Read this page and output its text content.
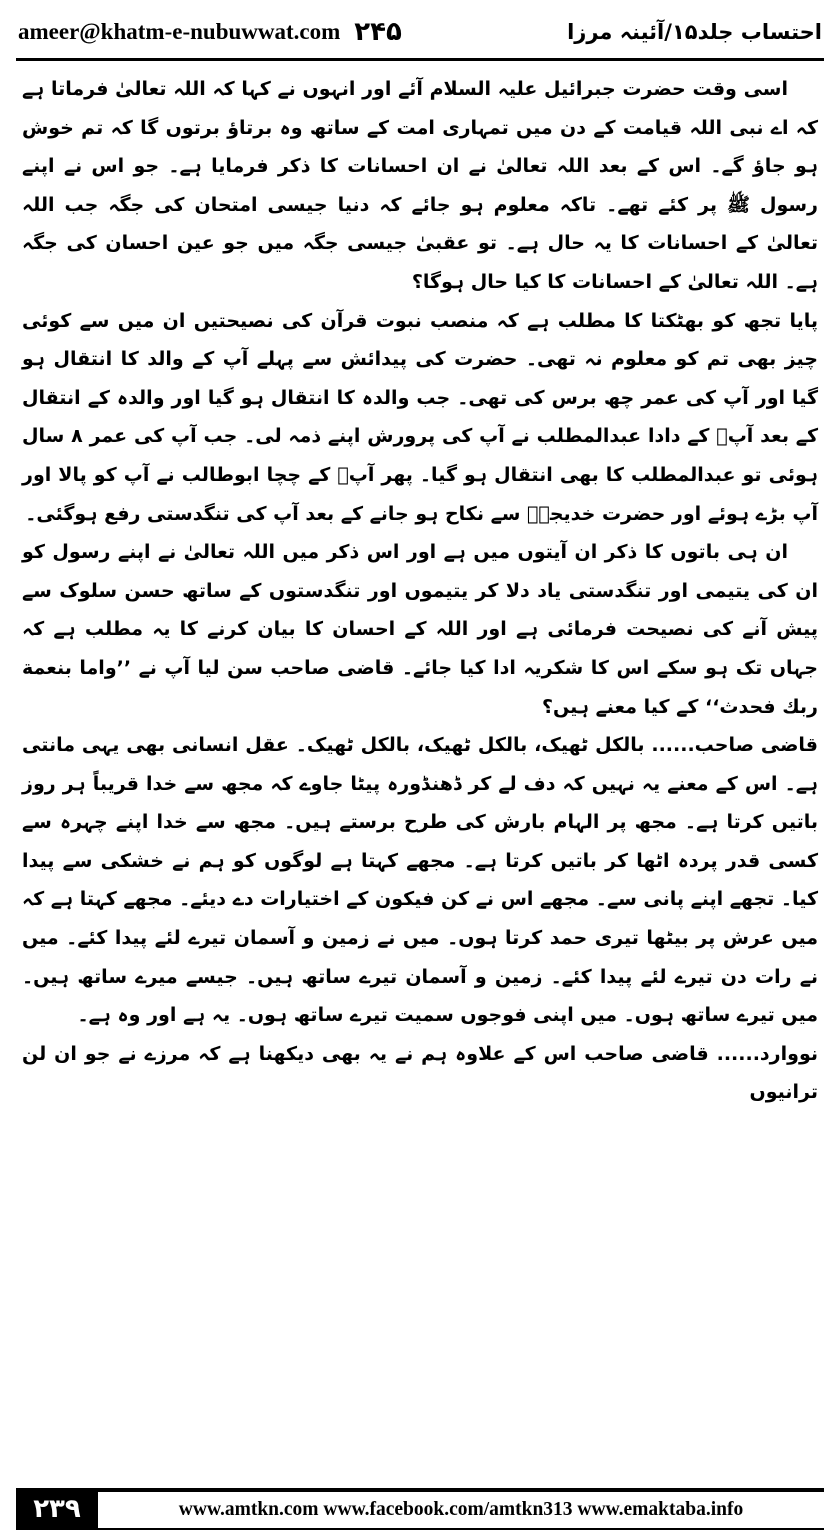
ameer@khatm-e-nubuwwat.com ۲۴۵	احتساب جلد۱۵/آئینہ مرزا

اسی وقت حضرت جبرائیل علیہ السلام آئے اور انہوں نے کہا کہ اللہ تعالیٰ فرماتا ہے کہ اے نبی اللہ قیامت کے دن میں تمہاری امت کے ساتھ وہ برتاؤ برتوں گا کہ تم خوش ہو جاؤ گے۔ اس کے بعد اللہ تعالیٰ نے ان احسانات کا ذکر فرمایا ہے۔ جو اس نے اپنے رسول ﷺ پر کئے تھے۔ تاکہ معلوم ہو جائے کہ دنیا جیسی امتحان کی جگہ جب اللہ تعالیٰ کے احسانات کا یہ حال ہے۔ تو عقبیٰ جیسی جگہ میں جو عین احسان کی جگہ ہے۔ اللہ تعالیٰ کے احسانات کا کیا حال ہوگا؟

پایا تجھ کو بھٹکتا کا مطلب ہے کہ منصب نبوت قرآن کی نصیحتیں ان میں سے کوئی چیز بھی تم کو معلوم نہ تھی۔ حضرت کی پیدائش سے پہلے آپ کے والد کا انتقال ہو گیا اور آپ کی عمر چھ برس کی تھی۔ جب والدہ کا انتقال ہو گیا اور والدہ کے انتقال کے بعد آپؐ کے دادا عبدالمطلب نے آپ کی پرورش اپنے ذمہ لی۔ جب آپ کی عمر ۸ سال ہوئی تو عبدالمطلب کا بھی انتقال ہو گیا۔ پھر آپؐ کے چچا ابوطالب نے آپ کو پالا اور آپ بڑے ہوئے اور حضرت خدیجہؓ سے نکاح ہو جانے کے بعد آپ کی تنگدستی رفع ہوگئی۔

ان ہی باتوں کا ذکر ان آیتوں میں ہے اور اس ذکر میں اللہ تعالیٰ نے اپنے رسول کو ان کی یتیمی اور تنگدستی یاد دلا کر یتیموں اور تنگدستوں کے ساتھ حسن سلوک سے پیش آنے کی نصیحت فرمائی ہے اور اللہ کے احسان کا بیان کرنے کا یہ مطلب ہے کہ جہاں تک ہو سکے اس کا شکریہ ادا کیا جائے۔ قاضی صاحب سن لیا آپ نے ’’واما بنعمة ربك فحدث‘‘ کے کیا معنے ہیں؟

قاضی صاحب...... بالکل ٹھیک، بالکل ٹھیک، بالکل ٹھیک۔ عقل انسانی بھی یہی مانتی ہے۔ اس کے معنے یہ نہیں کہ دف لے کر ڈھنڈورہ پیٹا جاوے کہ مجھ سے خدا قریباً ہر روز باتیں کرتا ہے۔ مجھ پر الہام بارش کی طرح برستے ہیں۔ مجھ سے خدا اپنے چہرہ سے کسی قدر پردہ اٹھا کر باتیں کرتا ہے۔ مجھے کہتا ہے لوگوں کو ہم نے خشکی سے پیدا کیا۔ تجھے اپنے پانی سے۔ مجھے اس نے کن فیکون کے اختیارات دے دیئے۔ مجھے کہتا ہے کہ میں عرش پر بیٹھا تیری حمد کرتا ہوں۔ میں نے زمین و آسمان تیرے لئے پیدا کئے۔ میں نے رات دن تیرے لئے پیدا کئے۔ زمین و آسمان تیرے ساتھ ہیں۔ جیسے میرے ساتھ ہیں۔ میں تیرے ساتھ ہوں۔ میں اپنی فوجوں سمیت تیرے ساتھ ہوں۔ یہ ہے اور وہ ہے۔

نووارد...... قاضی صاحب اس کے علاوہ ہم نے یہ بھی دیکھنا ہے کہ مرزے نے جو ان لن ترانیوں

۲۳۹	www.amtkn.com www.facebook.com/amtkn313 www.emaktaba.info
